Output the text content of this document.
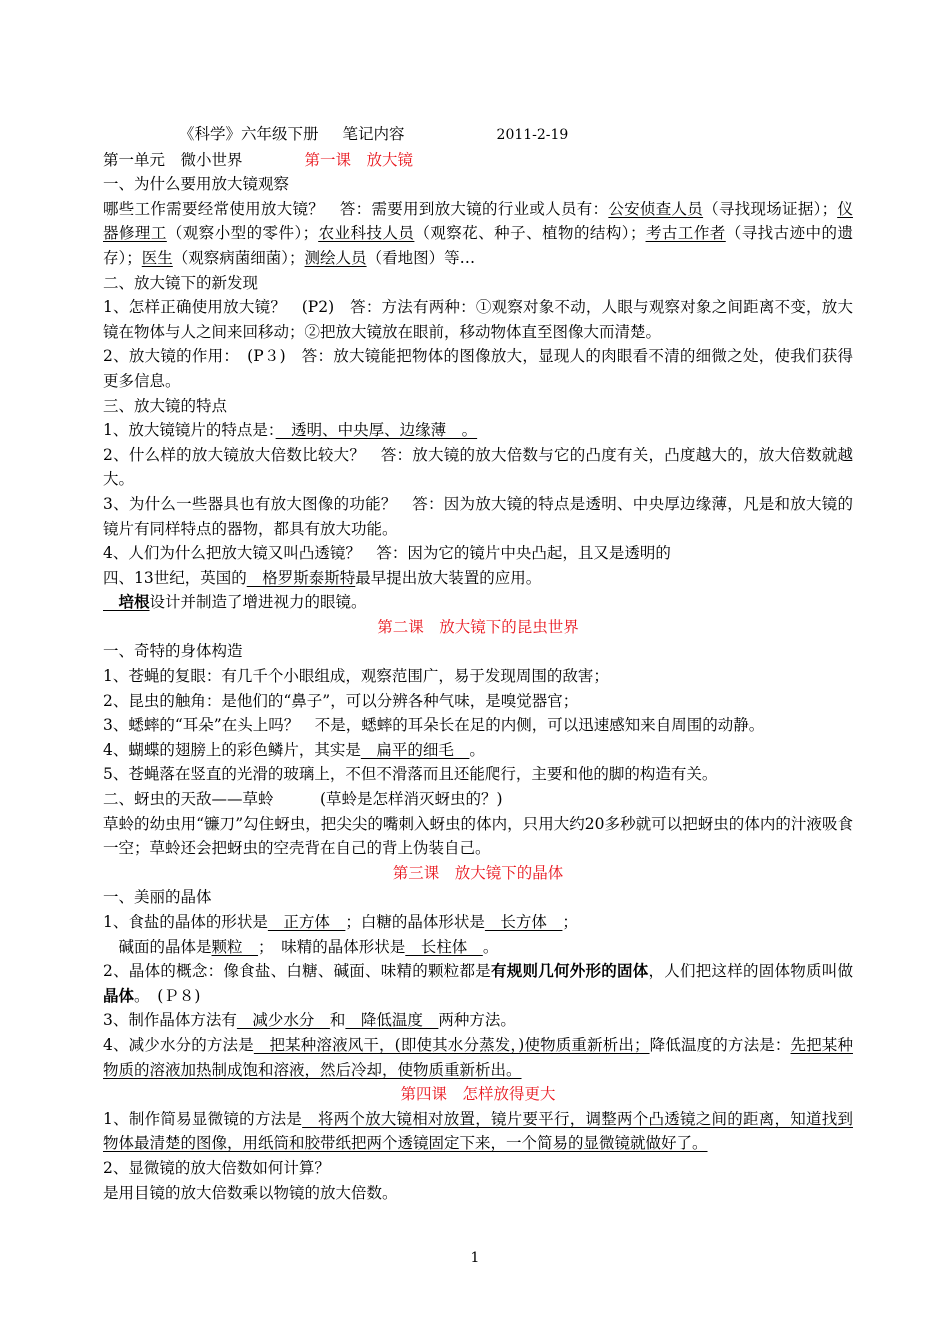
《科学》六年级下册 笔记内容	2011-2-19
第一单元　微小世界	第一课　放大镜
一、为什么要用放大镜观察
哪些工作需要经常使用放大镜？　答：需要用到放大镜的行业或人员有：公安侦查人员（寻找现场证据）；仪器修理工（观察小型的零件）；农业科技人员（观察花、种子、植物的结构）；考古工作者（寻找古迹中的遗存）；医生（观察病菌细菌）；测绘人员（看地图）等…
二、放大镜下的新发现
1、怎样正确使用放大镜？　(P2)　答：方法有两种：①观察对象不动，人眼与观察对象之间距离不变，放大镜在物体与人之间来回移动；②把放大镜放在眼前，移动物体直至图像大而清楚。
2、放大镜的作用：　(P３)　答：放大镜能把物体的图像放大，显现人的肉眼看不清的细微之处，使我们获得更多信息。
三、放大镜的特点
1、放大镜镜片的特点是：　透明、中央厚、边缘薄　。
2、什么样的放大镜放大倍数比较大？　答：放大镜的放大倍数与它的凸度有关，凸度越大的，放大倍数就越大。
3、为什么一些器具也有放大图像的功能？　答：因为放大镜的特点是透明、中央厚边缘薄，凡是和放大镜的镜片有同样特点的器物，都具有放大功能。
4、人们为什么把放大镜又叫凸透镜？　答：因为它的镜片中央凸起，且又是透明的
四、13世纪，英国的　格罗斯泰斯特最早提出放大装置的应用。
　培根设计并制造了增进视力的眼镜。
第二课　放大镜下的昆虫世界
一、奇特的身体构造
1、苍蝇的复眼：有几千个小眼组成，观察范围广，易于发现周围的敌害；
2、昆虫的触角：是他们的“鼻子”，可以分辨各种气味，是嗅觉器官；
3、蟋蟀的“耳朵”在头上吗？　不是，蟋蟀的耳朵长在足的内侧，可以迅速感知来自周围的动静。
4、蝴蝶的翅膀上的彩色鳞片，其实是　扁平的细毛　。
5、苍蝇落在竖直的光滑的玻璃上，不但不滑落而且还能爬行，主要和他的脚的构造有关。
二、蚜虫的天敌——草蛉　　　(草蛉是怎样消灭蚜虫的？)
草蛉的幼虫用“镰刀”勾住蚜虫，把尖尖的嘴刺入蚜虫的体内，只用大约20多秒就可以把蚜虫的体内的汁液吸食一空；草蛉还会把蚜虫的空壳背在自己的背上伪装自己。
第三课　放大镜下的晶体
一、美丽的晶体
1、食盐的晶体的形状是　正方体　；白糖的晶体形状是　长方体　；
　碱面的晶体是颗粒　；　味精的晶体形状是　长柱体　。
2、晶体的概念：像食盐、白糖、碱面、味精的颗粒都是有规则几何外形的固体，人们把这样的固体物质叫做晶体。　(Ｐ８)
3、制作晶体方法有　减少水分　和　降低温度　两种方法。
4、减少水分的方法是　把某种溶液风干，(即使其水分蒸发，)使物质重新析出；降低温度的方法是：先把某种物质的溶液加热制成饱和溶液，然后冷却，使物质重新析出。
第四课　怎样放得更大
1、制作简易显微镜的方法是　将两个放大镜相对放置，镜片要平行，调整两个凸透镜之间的距离，知道找到物体最清楚的图像，用纸筒和胶带纸把两个透镜固定下来，一个简易的显微镜就做好了。
2、显微镜的放大倍数如何计算？
是用目镜的放大倍数乘以物镜的放大倍数。
1
